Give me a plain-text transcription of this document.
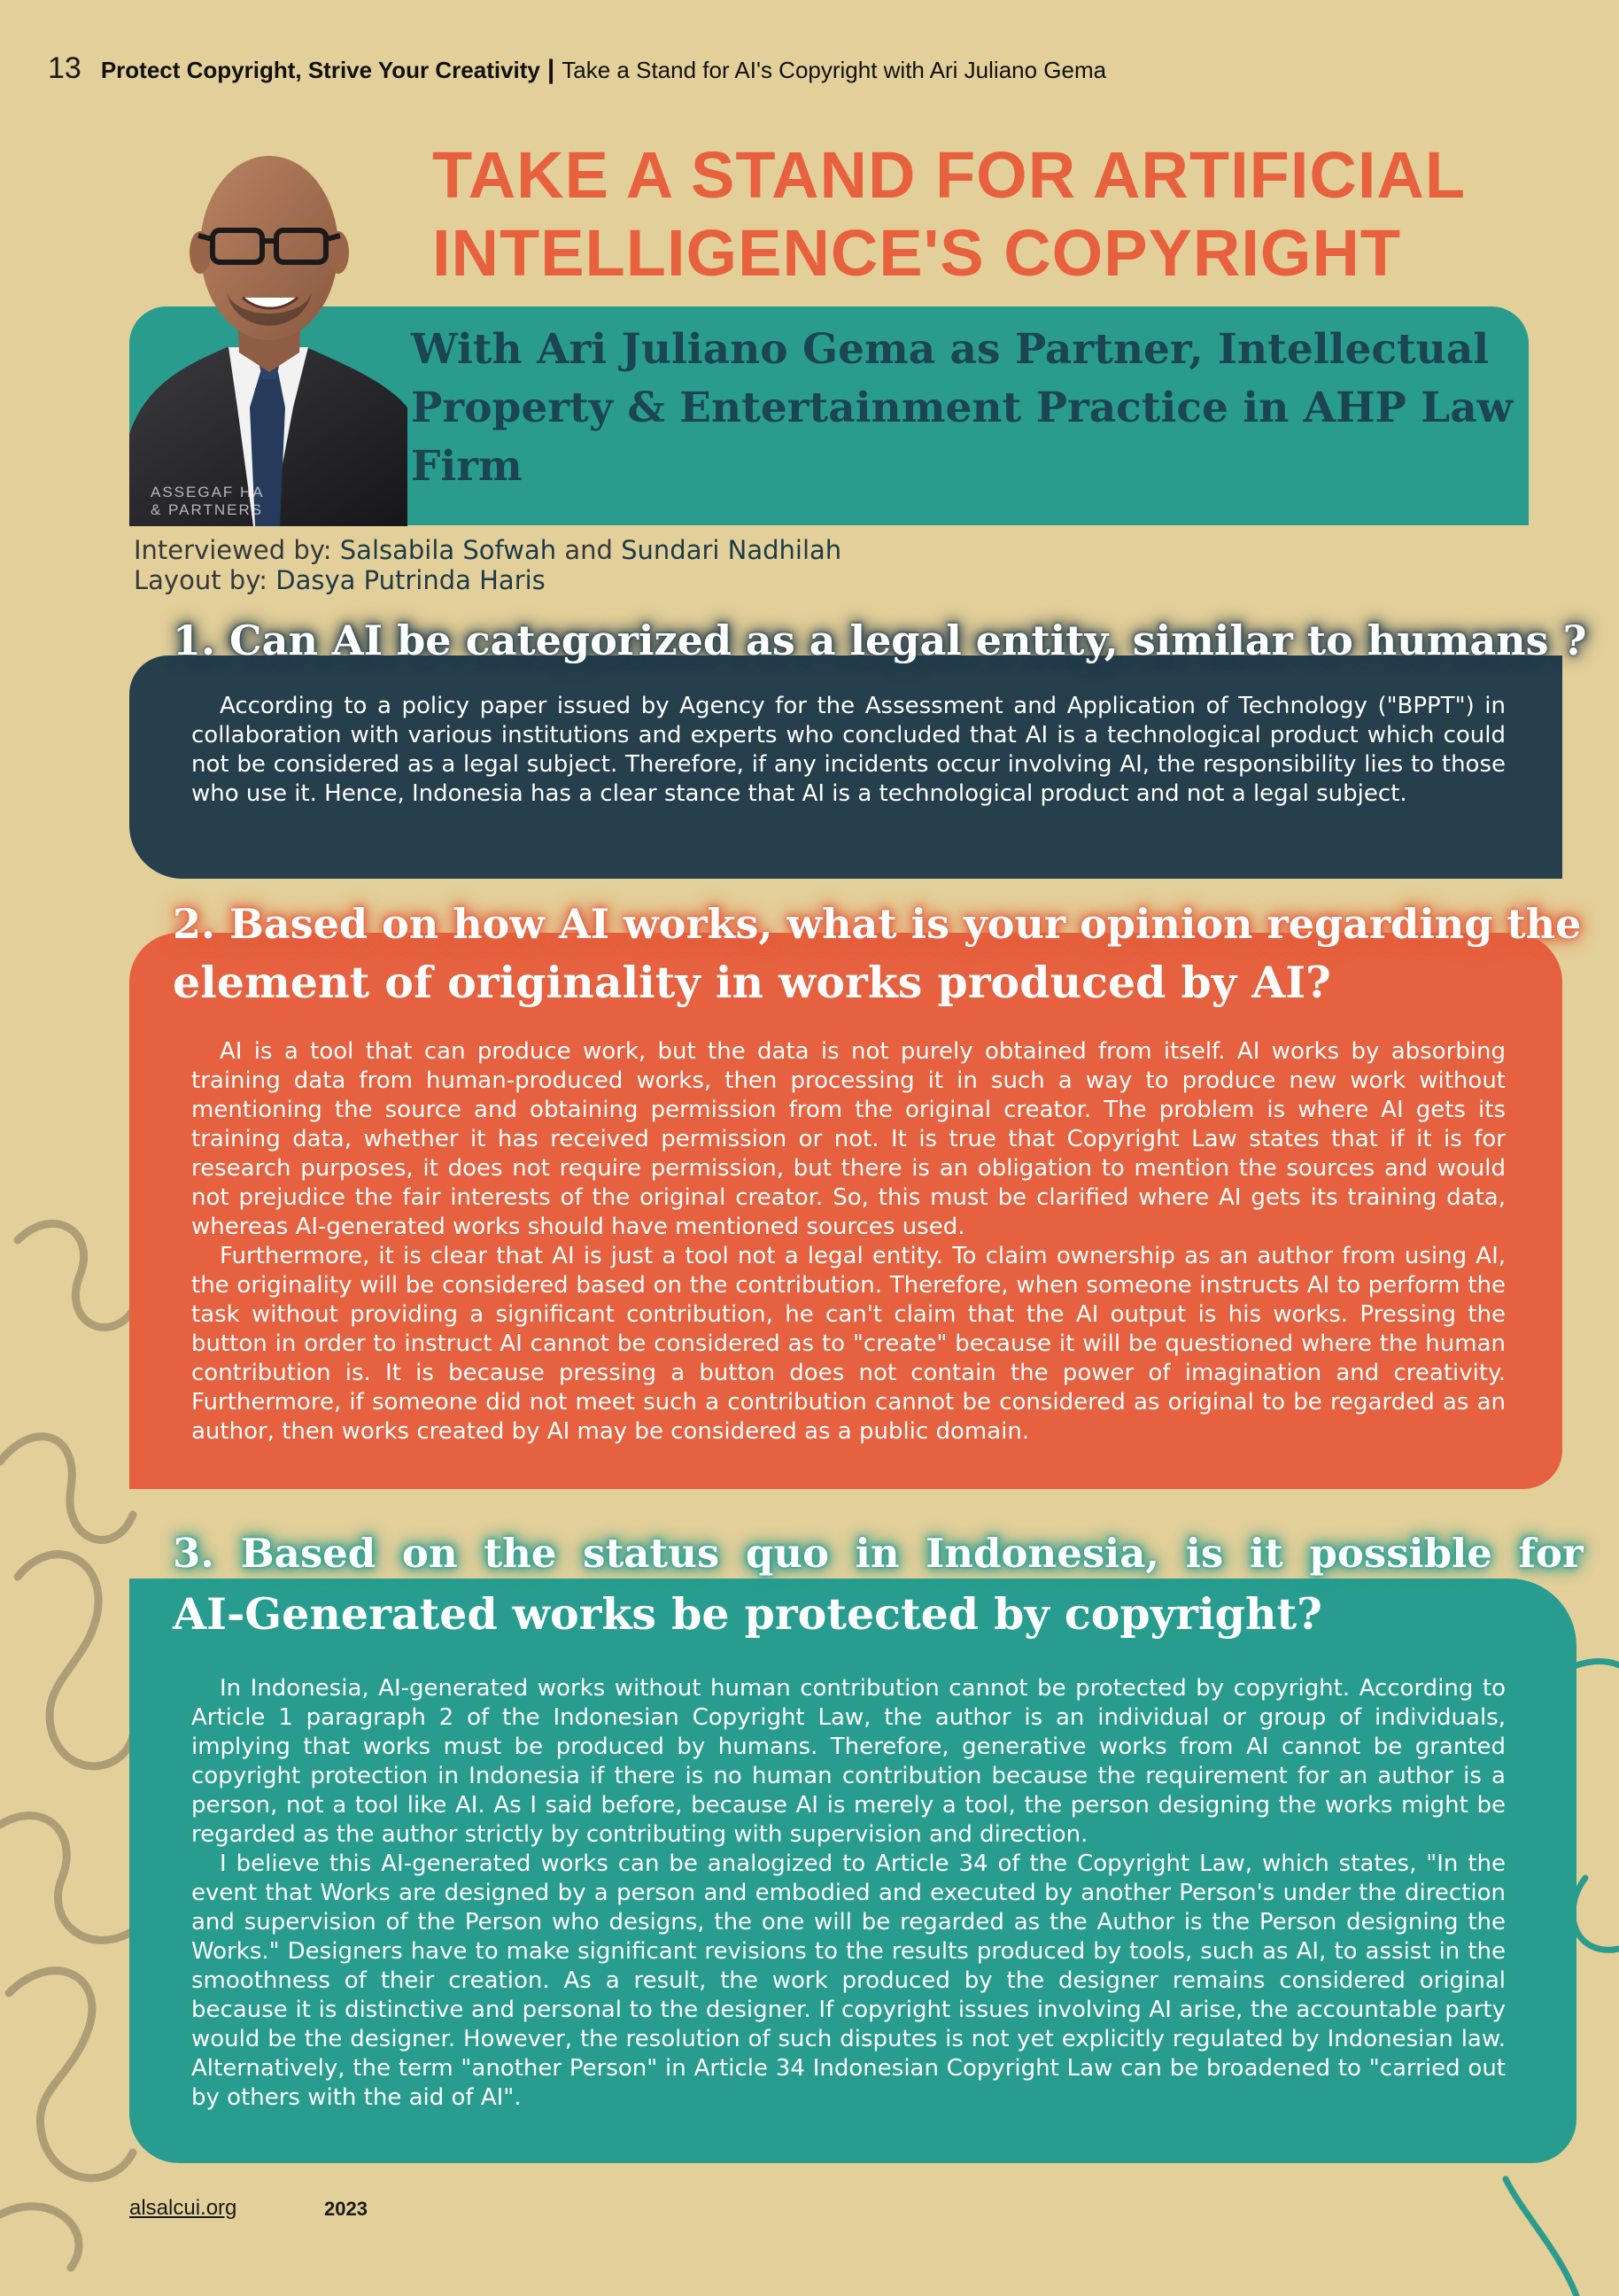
13 Protect Copyright, Strive Your Creativity | Take a Stand for AI's Copyright with Ari Juliano Gema
TAKE A STAND FOR ARTIFICIAL
INTELLIGENCE'S COPYRIGHT
With Ari Juliano Gema as Partner, Intellectual
Property & Entertainment Practice in AHP Law
Firm
ASSEGAF HA
& PARTNERS
Interviewed by: Salsabila Sofwah and Sundari Nadhilah
Layout by: Dasya Putrinda Haris
1. Can AI be categorized as a legal entity, similar to humans ?

According to a policy paper issued by Agency for the Assessment and Application of Technology ("BPPT") in collaboration with various institutions and experts who concluded that AI is a technological product which could not be considered as a legal subject. Therefore, if any incidents occur involving AI, the responsibility lies to those who use it. Hence, Indonesia has a clear stance that AI is a technological product and not a legal subject.

2. Based on how AI works, what is your opinion regarding the
element of originality in works produced by AI?

AI is a tool that can produce work, but the data is not purely obtained from itself. AI works by absorbing training data from human-produced works, then processing it in such a way to produce new work without mentioning the source and obtaining permission from the original creator. The problem is where AI gets its training data, whether it has received permission or not. It is true that Copyright Law states that if it is for research purposes, it does not require permission, but there is an obligation to mention the sources and would not prejudice the fair interests of the original creator. So, this must be clarified where AI gets its training data, whereas AI-generated works should have mentioned sources used.

Furthermore, it is clear that AI is just a tool not a legal entity. To claim ownership as an author from using AI, the originality will be considered based on the contribution. Therefore, when someone instructs AI to perform the task without providing a significant contribution, he can't claim that the AI output is his works. Pressing the button in order to instruct AI cannot be considered as to "create" because it will be questioned where the human contribution is. It is because pressing a button does not contain the power of imagination and creativity. Furthermore, if someone did not meet such a contribution cannot be considered as original to be regarded as an author, then works created by AI may be considered as a public domain.

3. Based on the status quo in Indonesia, is it possible for
AI-Generated works be protected by copyright?

In Indonesia, AI-generated works without human contribution cannot be protected by copyright. According to Article 1 paragraph 2 of the Indonesian Copyright Law, the author is an individual or group of individuals, implying that works must be produced by humans. Therefore, generative works from AI cannot be granted copyright protection in Indonesia if there is no human contribution because the requirement for an author is a person, not a tool like AI. As I said before, because AI is merely a tool, the person designing the works might be regarded as the author strictly by contributing with supervision and direction.

I believe this AI-generated works can be analogized to Article 34 of the Copyright Law, which states, "In the event that Works are designed by a person and embodied and executed by another Person's under the direction and supervision of the Person who designs, the one will be regarded as the Author is the Person designing the Works." Designers have to make significant revisions to the results produced by tools, such as AI, to assist in the smoothness of their creation. As a result, the work produced by the designer remains considered original because it is distinctive and personal to the designer. If copyright issues involving AI arise, the accountable party would be the designer. However, the resolution of such disputes is not yet explicitly regulated by Indonesian law. Alternatively, the term "another Person" in Article 34 Indonesian Copyright Law can be broadened to "carried out by others with the aid of AI".

alsalcui.org	2023
